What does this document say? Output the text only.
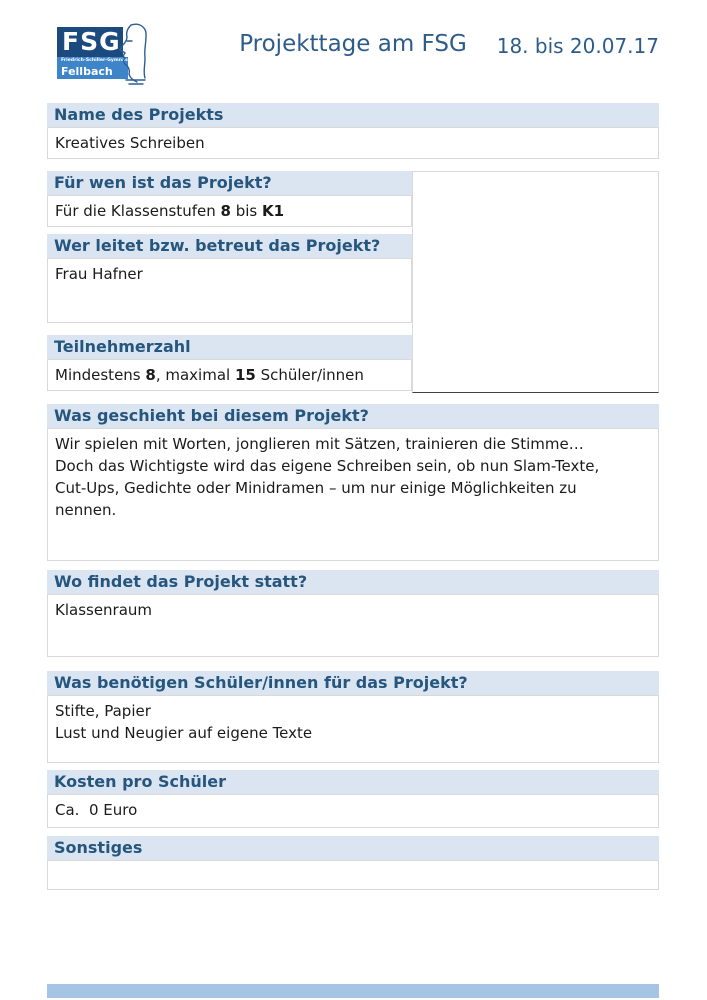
FSG
Friedrich-Schiller-Gymnasium
Fellbach
Projekttage am FSG 18. bis 20.07.17
Name des Projekts
Kreatives Schreiben
Für wen ist das Projekt?
Für die Klassenstufen 8 bis K1
Wer leitet bzw. betreut das Projekt?
Frau Hafner
Teilnehmerzahl
Mindestens 8, maximal 15 Schüler/innen
Was geschieht bei diesem Projekt?
Wir spielen mit Worten, jonglieren mit Sätzen, trainieren die Stimme…
Doch das Wichtigste wird das eigene Schreiben sein, ob nun Slam-Texte,
Cut-Ups, Gedichte oder Minidramen – um nur einige Möglichkeiten zu
nennen.
Wo findet das Projekt statt?
Klassenraum
Was benötigen Schüler/innen für das Projekt?
Stifte, Papier
Lust und Neugier auf eigene Texte
Kosten pro Schüler
Ca.  0 Euro
Sonstiges
